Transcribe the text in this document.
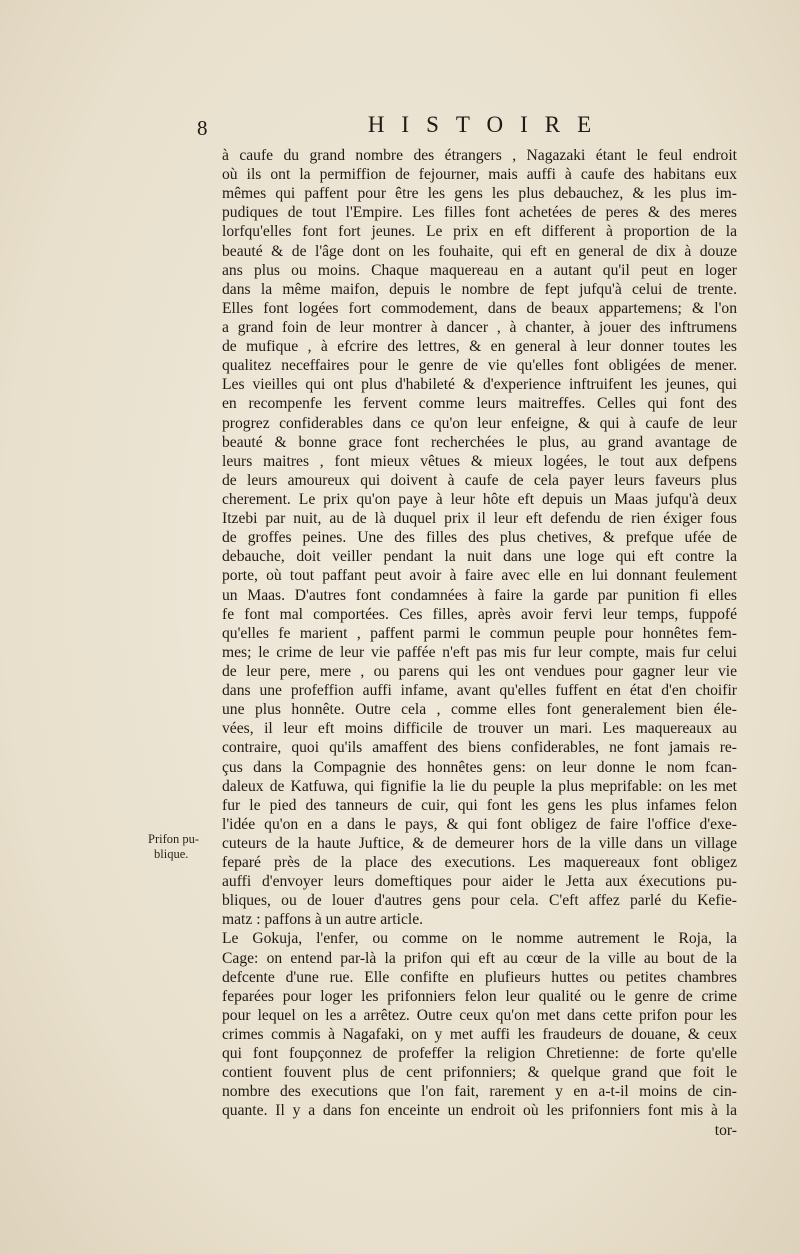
8	HISTOIRE
Prifon pu-
blique.
à caufe du grand nombre des étrangers , Nagazaki étant le feul endroit
où ils ont la permiffion de fejourner, mais auffi à caufe des habitans eux
mêmes qui paffent pour être les gens les plus debauchez, & les plus im-
pudiques de tout l'Empire. Les filles font achetées de peres & des meres
lorfqu'elles font fort jeunes. Le prix en eft different à proportion de la
beauté & de l'âge dont on les fouhaite, qui eft en general de dix à douze
ans plus ou moins. Chaque maquereau en a autant qu'il peut en loger
dans la même maifon, depuis le nombre de fept jufqu'à celui de trente.
Elles font logées fort commodement, dans de beaux appartemens; & l'on
a grand foin de leur montrer à dancer , à chanter, à jouer des inftrumens
de mufique , à efcrire des lettres, & en general à leur donner toutes les
qualitez neceffaires pour le genre de vie qu'elles font obligées de mener.
Les vieilles qui ont plus d'habileté & d'experience inftruifent les jeunes, qui
en recompenfe les fervent comme leurs maitreffes. Celles qui font des
progrez confiderables dans ce qu'on leur enfeigne, & qui à caufe de leur
beauté & bonne grace font recherchées le plus, au grand avantage de
leurs maitres , font mieux vêtues & mieux logées, le tout aux defpens
de leurs amoureux qui doivent à caufe de cela payer leurs faveurs plus
cherement. Le prix qu'on paye à leur hôte eft depuis un Maas jufqu'à deux
Itzebi par nuit, au de là duquel prix il leur eft defendu de rien éxiger fous
de groffes peines. Une des filles des plus chetives, & prefque ufée de
debauche, doit veiller pendant la nuit dans une loge qui eft contre la
porte, où tout paffant peut avoir à faire avec elle en lui donnant feulement
un Maas. D'autres font condamnées à faire la garde par punition fi elles
fe font mal comportées. Ces filles, après avoir fervi leur temps, fuppofé
qu'elles fe marient , paffent parmi le commun peuple pour honnêtes fem-
mes; le crime de leur vie paffée n'eft pas mis fur leur compte, mais fur celui
de leur pere, mere , ou parens qui les ont vendues pour gagner leur vie
dans une profeffion auffi infame, avant qu'elles fuffent en état d'en choifir
une plus honnête. Outre cela , comme elles font generalement bien éle-
vées, il leur eft moins difficile de trouver un mari. Les maquereaux au
contraire, quoi qu'ils amaffent des biens confiderables, ne font jamais re-
çus dans la Compagnie des honnêtes gens: on leur donne le nom fcan-
daleux de Katfuwa, qui fignifie la lie du peuple la plus meprifable: on les met
fur le pied des tanneurs de cuir, qui font les gens les plus infames felon
l'idée qu'on en a dans le pays, & qui font obligez de faire l'office d'exe-
cuteurs de la haute Juftice, & de demeurer hors de la ville dans un village
feparé près de la place des executions. Les maquereaux font obligez
auffi d'envoyer leurs domeftiques pour aider le Jetta aux éxecutions pu-
bliques, ou de louer d'autres gens pour cela. C'eft affez parlé du Kefie-
matz : paffons à un autre article.
Le Gokuja, l'enfer, ou comme on le nomme autrement le Roja, la
Cage: on entend par-là la prifon qui eft au cœur de la ville au bout de la
defcente d'une rue. Elle confifte en plufieurs huttes ou petites chambres
feparées pour loger les prifonniers felon leur qualité ou le genre de crime
pour lequel on les a arrêtez. Outre ceux qu'on met dans cette prifon pour les
crimes commis à Nagafaki, on y met auffi les fraudeurs de douane, & ceux
qui font foupçonnez de profeffer la religion Chretienne: de forte qu'elle
contient fouvent plus de cent prifonniers; & quelque grand que foit le
nombre des executions que l'on fait, rarement y en a-t-il moins de cin-
quante. Il y a dans fon enceinte un endroit où les prifonniers font mis à la
tor-
